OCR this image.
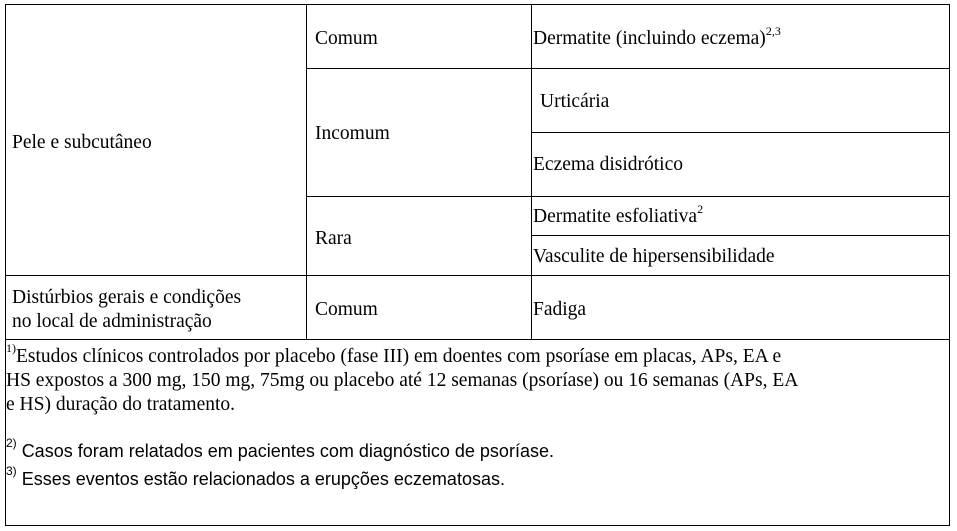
Pele e subcutâneo
Distúrbios gerais e condições
no local de administração
Comum
Incomum
Rara
Comum
Dermatite (incluindo eczema)$^{2,3}$
Urticária
Eczema disidrótico
Dermatite esfoliativa$^2$
Vasculite de hipersensibilidade
Fadiga
$^{1)}$Estudos clínicos controlados por placebo (fase III) em doentes com psoríase em placas, APs, EA e
HS expostos a 300 mg, 150 mg, 75mg ou placebo até 12 semanas (psoríase) ou 16 semanas (APs, EA
e HS) duração do tratamento.
$^{2)}$ Casos foram relatados em pacientes com diagnóstico de psoríase.
$^{3)}$ Esses eventos estão relacionados a erupções eczematosas.
